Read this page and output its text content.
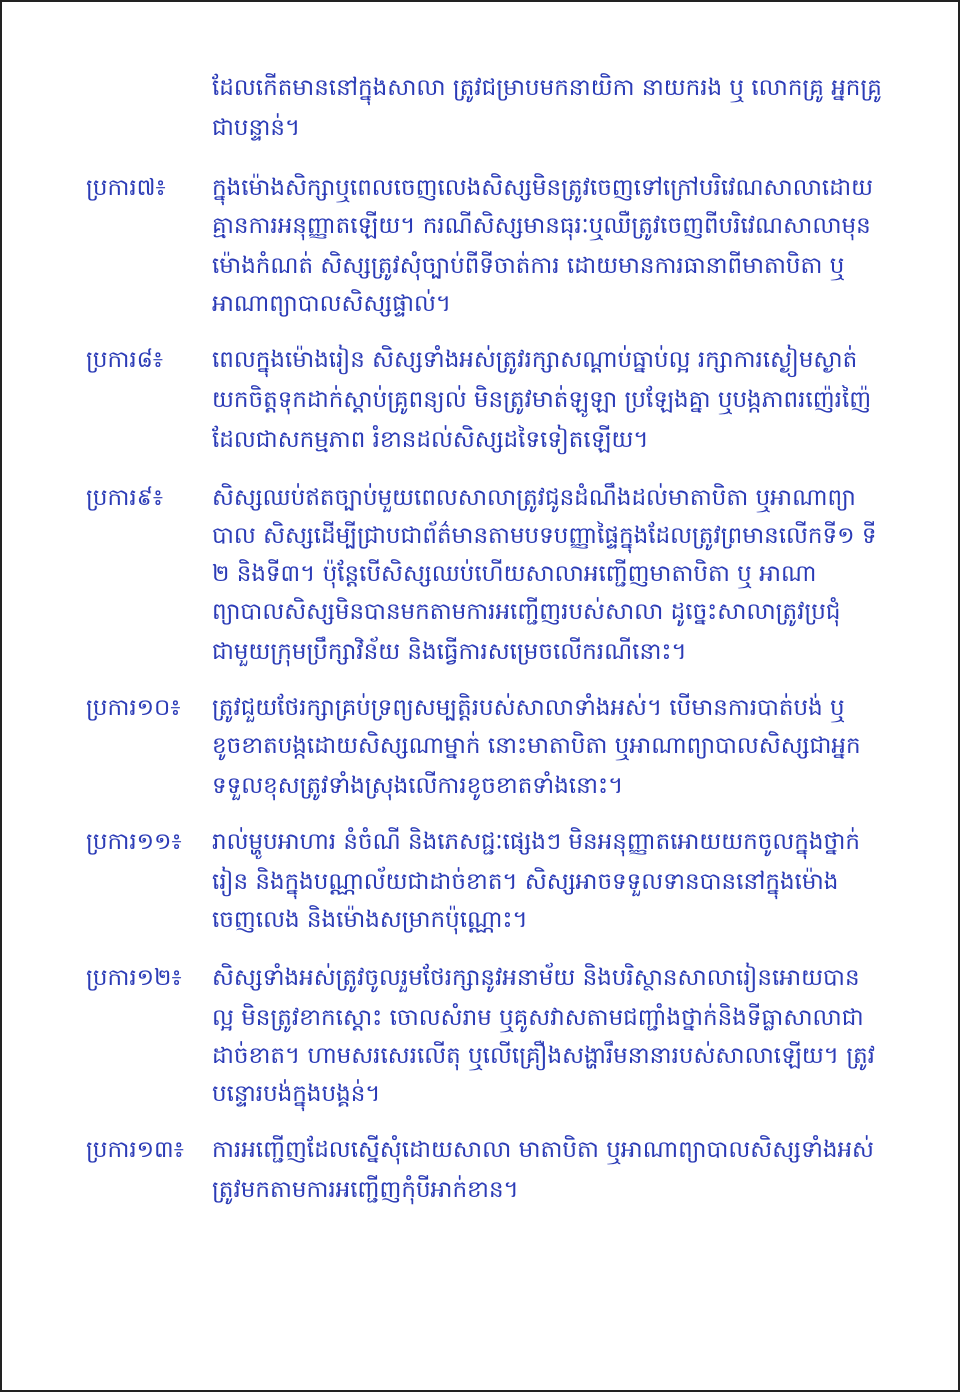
ដែលកើតមាននៅក្នុងសាលា ត្រូវជម្រាបមកនាយិកា នាយករង ឬ លោកគ្រូ អ្នកគ្រូ
ជាបន្ទាន់។
ប្រការ៧៖	ក្នុងម៉ោងសិក្សាឬពេលចេញលេងសិស្សមិនត្រូវចេញទៅក្រៅបរិវេណសាលាដោយ
គ្មានការអនុញ្ញាតឡើយ។ ករណីសិស្សមានធុរៈឬឈឺត្រូវចេញពីបរិវេណសាលាមុន
ម៉ោងកំណត់ សិស្សត្រូវសុំច្បាប់ពីទីចាត់ការ ដោយមានការធានាពីមាតាបិតា ឬ
អាណាព្យាបាលសិស្សផ្ទាល់។
ប្រការ៨៖	ពេលក្នុងម៉ោងរៀន សិស្សទាំងអស់ត្រូវរក្សាសណ្តាប់ធ្នាប់ល្អ រក្សាការស្ងៀមស្ងាត់
យកចិត្តទុកដាក់ស្តាប់គ្រូពន្យល់ មិនត្រូវមាត់ឡូឡា ប្រឡែងគ្នា ឬបង្កភាពរញ៉េរញ៉ៃ
ដែលជាសកម្មភាព រំខានដល់សិស្សដទៃទៀតឡើយ។
ប្រការ៩៖	សិស្សឈប់ឥតច្បាប់មួយពេលសាលាត្រូវជូនដំណឹងដល់មាតាបិតា ឬអាណាព្យា
បាល សិស្សដើម្បីជ្រាបជាព័ត៌មានតាមបទបញ្ញាផ្ទៃក្នុងដែលត្រូវព្រមានលើកទី១ ទី
២ និងទី៣។ ប៉ុន្តែបើសិស្សឈប់ហើយសាលាអញ្ជើញមាតាបិតា ឬ អាណា
ព្យាបាលសិស្សមិនបានមកតាមការអញ្ជើញរបស់សាលា ដូច្នេះសាលាត្រូវប្រជុំ
ជាមួយក្រុមប្រឹក្សាវិន័យ និងធ្វើការសម្រេចលើករណីនោះ។
ប្រការ១០៖	ត្រូវជួយថែរក្សាគ្រប់ទ្រព្យសម្បត្តិរបស់សាលាទាំងអស់។ បើមានការបាត់បង់ ឬ
ខូចខាតបង្កដោយសិស្សណាម្នាក់ នោះមាតាបិតា ឬអាណាព្យាបាលសិស្សជាអ្នក
ទទួលខុសត្រូវទាំងស្រុងលើការខូចខាតទាំងនោះ។
ប្រការ១១៖	រាល់ម្ហូបអាហារ នំចំណី និងភេសជ្ជៈផ្សេងៗ មិនអនុញ្ញាតអោយយកចូលក្នុងថ្នាក់
រៀន និងក្នុងបណ្ណាល័យជាដាច់ខាត។ សិស្សអាចទទួលទានបាននៅក្នុងម៉ោង
ចេញលេង និងម៉ោងសម្រាកប៉ុណ្ណោះ។
ប្រការ១២៖	សិស្សទាំងអស់ត្រូវចូលរួមថែរក្សានូវអនាម័យ និងបរិស្ថានសាលារៀនអោយបាន
ល្អ មិនត្រូវខាកស្តោះ ចោលសំរាម ឬគូសវាសតាមជញ្ជាំងថ្នាក់និងទីធ្លាសាលាជា
ដាច់ខាត។ ហាមសរសេរលើតុ ឬលើគ្រឿងសង្ហារឹមនានារបស់សាលាឡើយ។ ត្រូវ
បន្ទោរបង់ក្នុងបង្គន់។
ប្រការ១៣៖	ការអញ្ជើញដែលស្នើសុំដោយសាលា មាតាបិតា ឬអាណាព្យាបាលសិស្សទាំងអស់
ត្រូវមកតាមការអញ្ជើញកុំបីអាក់ខាន។
